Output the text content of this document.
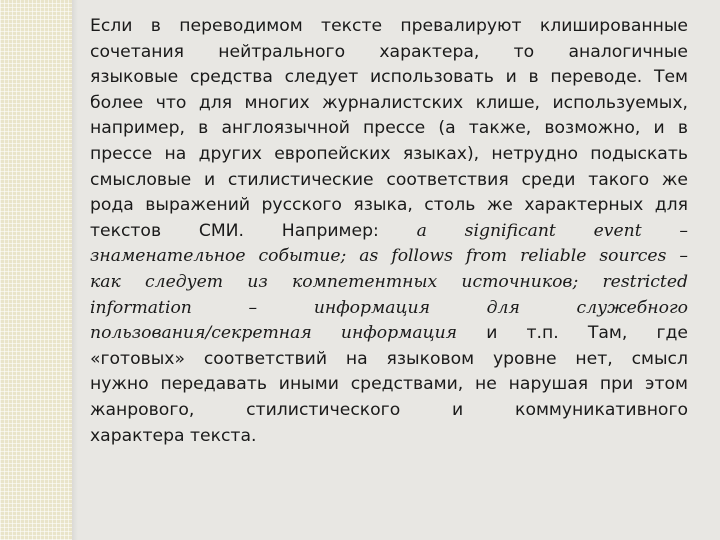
Если в переводимом тексте превалируют клишированные
сочетания нейтрального характера, то аналогичные
языковые средства следует использовать и в переводе. Тем
более что для многих журналистских клише, используемых,
например, в англоязычной прессе (а также, возможно, и в
прессе на других европейских языках), нетрудно подыскать
смысловые и стилистические соответствия среди такого же
рода выражений русского языка, столь же характерных для
текстов СМИ. Например: a significant event –
знаменательное событие; as follows from reliable sources –
как следует из компетентных источников; restricted
information – информация для служебного
пользования/секретная информация и т.п. Там, где
«готовых» соответствий на языковом уровне нет, смысл
нужно передавать иными средствами, не нарушая при этом
жанрового, стилистического и коммуникативного
характера текста.
